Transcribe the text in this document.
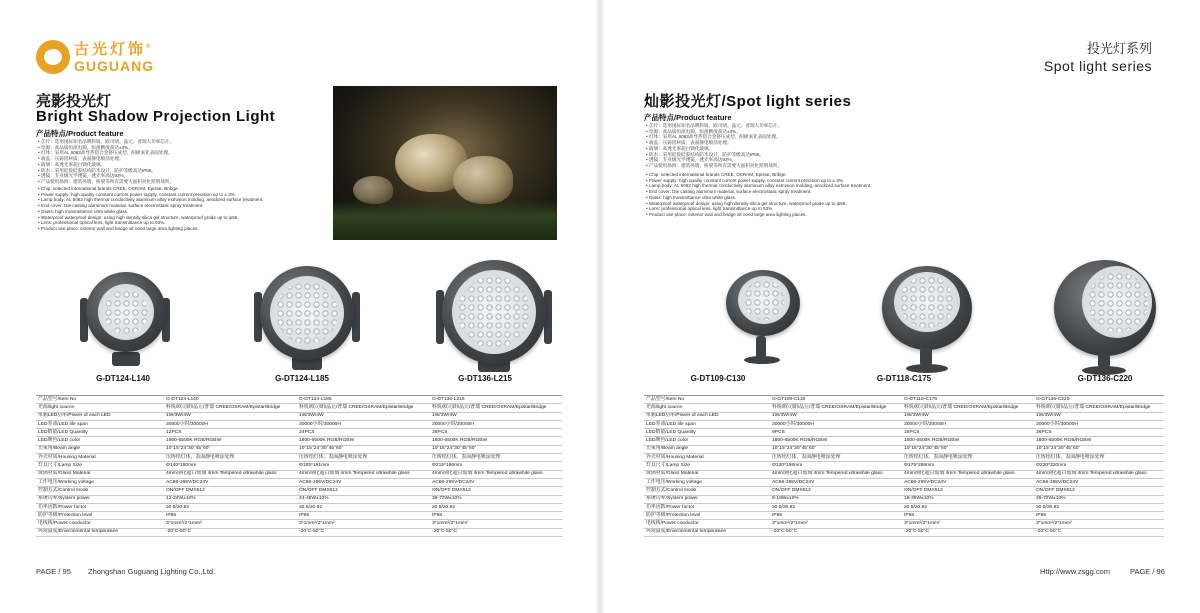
古光灯饰®
GUGUANG
亮影投光灯
Bright Shadow Projection Light
产品特点/Product feature
• 芯片：选用国际知名品牌科锐、欧司朗、晶元、普瑞大功率芯片。
• 电源：高品质恒流电源，恒流精度高达±3%。
• 灯体：采用AL 6063高导热铝合金挤压成型，阳极氧化表面处理。
• 端盖：压铸铝材质，表面静电喷涂处理。
• 玻璃：高透光率超白钢化玻璃。
• 防水：采用硅胶硅胶结构防水设计，防护等级高达IP66。
• 透镜：专业级光学透镜，透光率高达93%。
• 产品使用场所：建筑外墙、桥梁等所有需要大面积亮化照明场所。
• Chip: selected international brands CREE, OSRAM, Epistar, Bribge.
• Power supply: high quality constant current power supply, constant current precision up to ± 3%.
• Lamp body: AL 6063 high thermal conductivity aluminum alloy extrusion molding, anodized surface treatment.
• End cover: Die casting aluminum material, surface electrostatic spray treatment.
• Glass: high transmittance ultra white glass.
• Waterproof waterproof design: using high density silica gel structure, waterproof grade up to ip66.
• Lens: professional optical lens, light transmittance up to 93%.
• Product use place: exterior wall and bridge all need large area lighting places.
G-DT124-L140	G-DT124-L185	G-DT136-L215
产品型号/Item No	G-DT124-L140	G-DT124-L185	G-DT136-L215
光源/light source	科锐/欧司朗/晶元/普瑞 CREE/OSRAM/Epistar/Bridge	科锐/欧司朗/晶元/普瑞 CREE/OSRAM/Epistar/Bridge	科锐/欧司朗/晶元/普瑞 CREE/OSRAM/Epistar/Bridge
单颗LED功率/Power of each LED	1W/3W/4W	1W/3W/4W	1W/3W/4W
LED寿命/LED life span	30000小时/30000H	30000小时/30000H	30000小时/30000H
LED数量/LED Quantity	12PCS	24PCS	36PCS
LED颜色/LED color	1800-6500K RGB/RGBW	1800-6500K RGB/RGBW	1800-6500K RGB/RGBW
光束角/Beam angle	10°15°24°30°45°60°	10°15°24°30°45°60°	10°15°24°30°45°60°
外壳材质/Housing Material	压铸铝灯体，表面静电喷涂处理	压铸铝灯体，表面静电喷涂处理	压铸铝灯体，表面静电喷涂处理
灯具尺寸/Lamp Size	Φ140*160mm	Φ185*191mm	Φ215*196mm
玻璃材质/Glass Material	4mm钢化超白玻璃 4mm Tempered ultrawhite glass	4mm钢化超白玻璃 4mm Tempered ultrawhite glass	4mm钢化超白玻璃 4mm Tempered ultrawhite glass
工作电压/Working voltage	AC86-265V/DC24V	AC86-265V/DC24V	AC86-265V/DC24V
控制方式/Control mode	ON/OFF DMX512	ON/OFF DMX512	ON/OFF DMX512
系统功率/System power	12-24W±10%	24-48W±10%	36-72W±10%
功率因数/Power factor	≥0.5/≥0.92	≥0.5/≥0.92	≥0.5/≥0.92
防护等级/Protection level	IP66	IP66	IP66
电线线/Power conductor	3*1mm²/2*1mm²	3*1mm²/2*1mm²	3*1mm²/2*1mm²
环境温度/Environmental temperature	-20°C-50°C	-20°C-50°C	-20°C-50°C
PAGE / 95 Zhongshan Guguang Lighting Co.,Ltd.
投光灯系列
Spot light series
灿影投光灯/Spot light series
产品特点/Product feature
• 芯片：选用国际知名品牌科锐、欧司朗、晶元、普瑞大功率芯片。
• 电源：高品质恒流电源，恒流精度高达±3%。
• 灯体：采用AL 6063高导热铝合金挤压成型，阳极氧化表面处理。
• 端盖：压铸铝材质，表面静电喷涂处理。
• 玻璃：高透光率超白钢化玻璃。
• 防水：采用硅胶硅胶结构防水设计，防护等级高达IP66。
• 透镜：专业级光学透镜，透光率高达93%。
• 产品使用场所：建筑外墙、桥梁等所有需要大面积亮化照明场所。
• Chip: selected international brands CREE, OSRAM, Epistar, Bribge.
• Power supply: high quality constant current power supply, constant current precision up to ± 3%.
• Lamp body: AL 6063 high thermal conductivity aluminum alloy extrusion molding, anodized surface treatment.
• End cover: Die casting aluminum material, surface electrostatic spray treatment.
• Glass: high transmittance ultra white glass.
• Waterproof waterproof design: using high density silica gel structure, waterproof grade up to ip66.
• Lens: professional optical lens, light transmittance up to 93%.
• Product use place: exterior wall and bridge all need large area lighting places.
G-DT109-C130	G-DT118-C175	G-DT136-C220
产品型号/Item No	G-DT109-C130	G-DT118-C175	G-DT136-C220
光源/light source	科锐/欧司朗/晶元/普瑞 CREE/OSRAM/Epistar/Bridge	科锐/欧司朗/晶元/普瑞 CREE/OSRAM/Epistar/Bridge	科锐/欧司朗/晶元/普瑞 CREE/OSRAM/Epistar/Bridge
单颗LED功率/Power of each LED	1W/3W/4W	1W/3W/4W	1W/3W/4W
LED寿命/LED life span	30000小时/30000H	30000小时/30000H	30000小时/30000H
LED数量/LED Quantity	9PCS	18PCS	36PCS
LED颜色/LED color	1800-6500K RGB/RGBW	1800-6500K RGB/RGBW	1800-6500K RGB/RGBW
光束角/Beam angle	10°15°24°30°45°60°	10°15°24°30°45°60°	10°15°24°30°45°60°
外壳材质/Housing Material	压铸铝灯体，表面静电喷涂处理	压铸铝灯体，表面静电喷涂处理	压铸铝灯体，表面静电喷涂处理
灯具尺寸/Lamp Size	Φ130*198mm	Φ175*268mm	Φ220*320mm
玻璃材质/Glass Material	4mm钢化超白玻璃 4mm Tempered ultrawhite glass	4mm钢化超白玻璃 4mm Tempered ultrawhite glass	4mm钢化超白玻璃 4mm Tempered ultrawhite glass
工作电压/Working voltage	AC86-265V/DC24V	AC86-265V/DC24V	AC86-265V/DC24V
控制方式/Control mode	ON/OFF DMX512	ON/OFF DMX512	ON/OFF DMX512
系统功率/System power	9-18W±10%	18-36W±10%	36-72W±10%
功率因数/Power factor	≥0.5/≥0.92	≥0.5/≥0.92	≥0.5/≥0.92
防护等级/Protection level	IP66	IP66	IP66
电线线/Power conductor	3*1mm²/2*1mm²	3*1mm²/2*1mm²	3*1mm²/2*1mm²
环境温度/Environmental temperature	-20°C-50°C	-20°C-50°C	-20°C-50°C
Http://www.zsgg.com	PAGE / 96
